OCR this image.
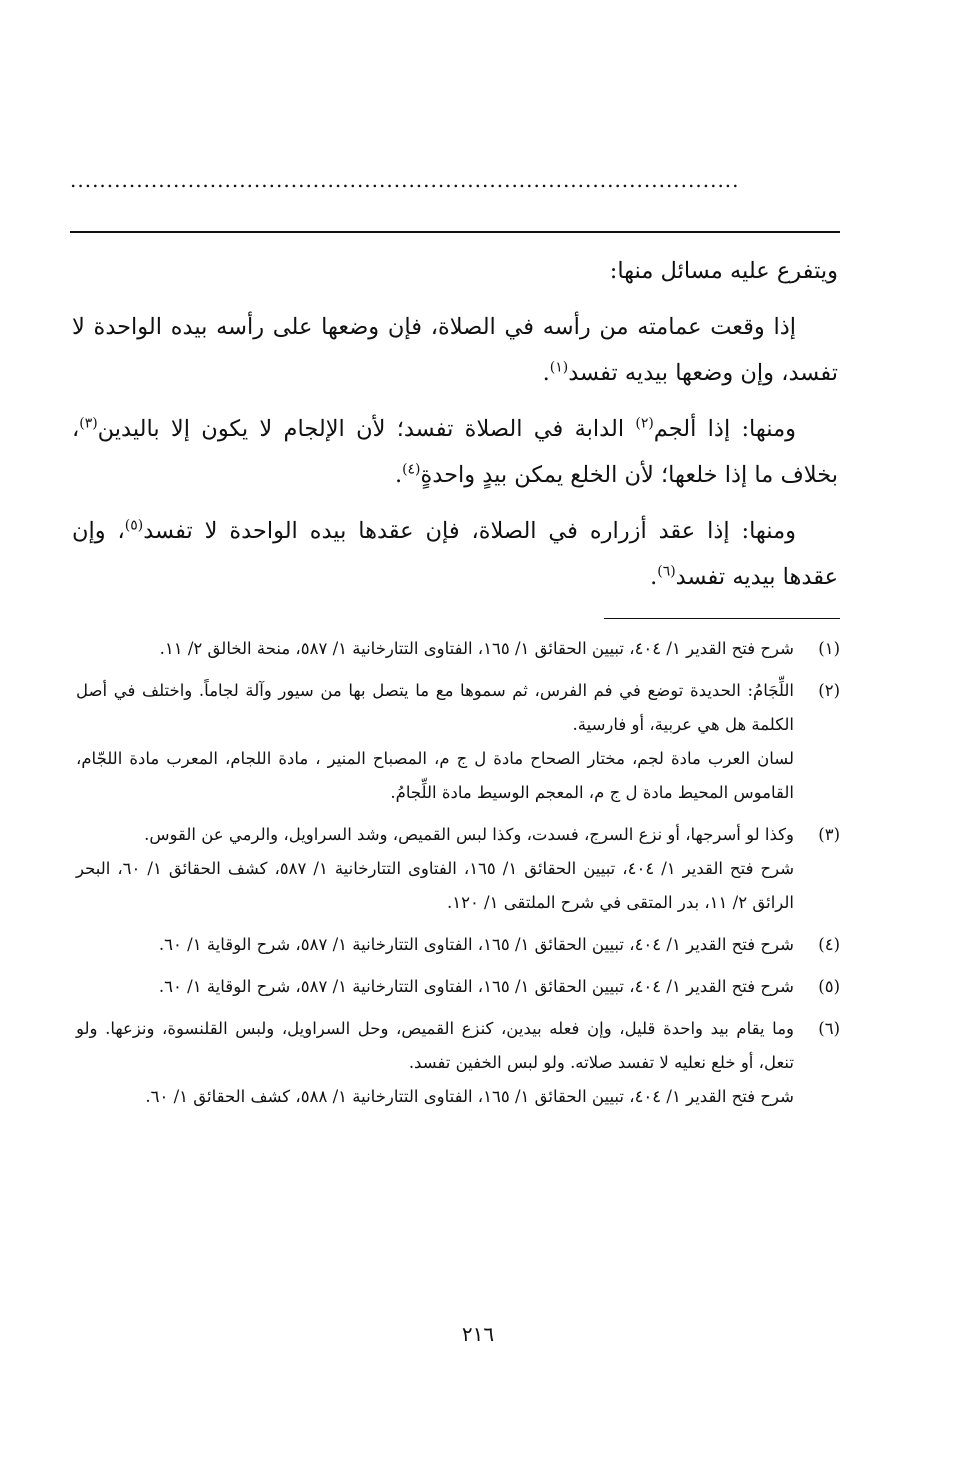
...........................................................................................

ويتفرع عليه مسائل منها:

إذا وقعت عمامته من رأسه في الصلاة، فإن وضعها على رأسه بيده الواحدة لا تفسد، وإن وضعها بيديه تفسد$^{(١)}$.

ومنها: إذا ألجم$^{(٢)}$ الدابة في الصلاة تفسد؛ لأن الإلجام لا يكون إلا باليدين$^{(٣)}$، بخلاف ما إذا خلعها؛ لأن الخلع يمكن بيدٍ واحدةٍ$^{(٤)}$.

ومنها: إذا عقد أزراره في الصلاة، فإن عقدها بيده الواحدة لا تفسد$^{(٥)}$، وإن عقدها بيديه تفسد$^{(٦)}$.

(١)

شرح فتح القدير ١/ ٤٠٤، تبيين الحقائق ١/ ١٦٥، الفتاوى التتارخانية ١/ ٥٨٧، منحة الخالق ٢/ ١١.

(٢)

اللِّجَامُ: الحديدة توضع في فم الفرس، ثم سموها مع ما يتصل بها من سيور وآلة لجاماً. واختلف في أصل الكلمة هل هي عربية، أو فارسية.

لسان العرب مادة لجم، مختار الصحاح مادة ل ج م، المصباح المنير ، مادة اللجام، المعرب مادة اللجّام، القاموس المحيط مادة ل ج م، المعجم الوسيط مادة اللِّجامُ.

(٣)

وكذا لو أسرجها، أو نزع السرج، فسدت، وكذا لبس القميص، وشد السراويل، والرمي عن القوس.

شرح فتح القدير ١/ ٤٠٤، تبيين الحقائق ١/ ١٦٥، الفتاوى التتارخانية ١/ ٥٨٧، كشف الحقائق ١/ ٦٠، البحر الرائق ٢/ ١١، بدر المتقى في شرح الملتقى ١/ ١٢٠.

(٤)

شرح فتح القدير ١/ ٤٠٤، تبيين الحقائق ١/ ١٦٥، الفتاوى التتارخانية ١/ ٥٨٧، شرح الوقاية ١/ ٦٠.

(٥)

شرح فتح القدير ١/ ٤٠٤، تبيين الحقائق ١/ ١٦٥، الفتاوى التتارخانية ١/ ٥٨٧، شرح الوقاية ١/ ٦٠.

(٦)

وما يقام بيد واحدة قليل، وإن فعله بيدين، كنزع القميص، وحل السراويل، ولبس القلنسوة، ونزعها. ولو تنعل، أو خلع نعليه لا تفسد صلاته. ولو لبس الخفين تفسد.

شرح فتح القدير ١/ ٤٠٤، تبيين الحقائق ١/ ١٦٥، الفتاوى التتارخانية ١/ ٥٨٨، كشف الحقائق ١/ ٦٠.

٢١٦
